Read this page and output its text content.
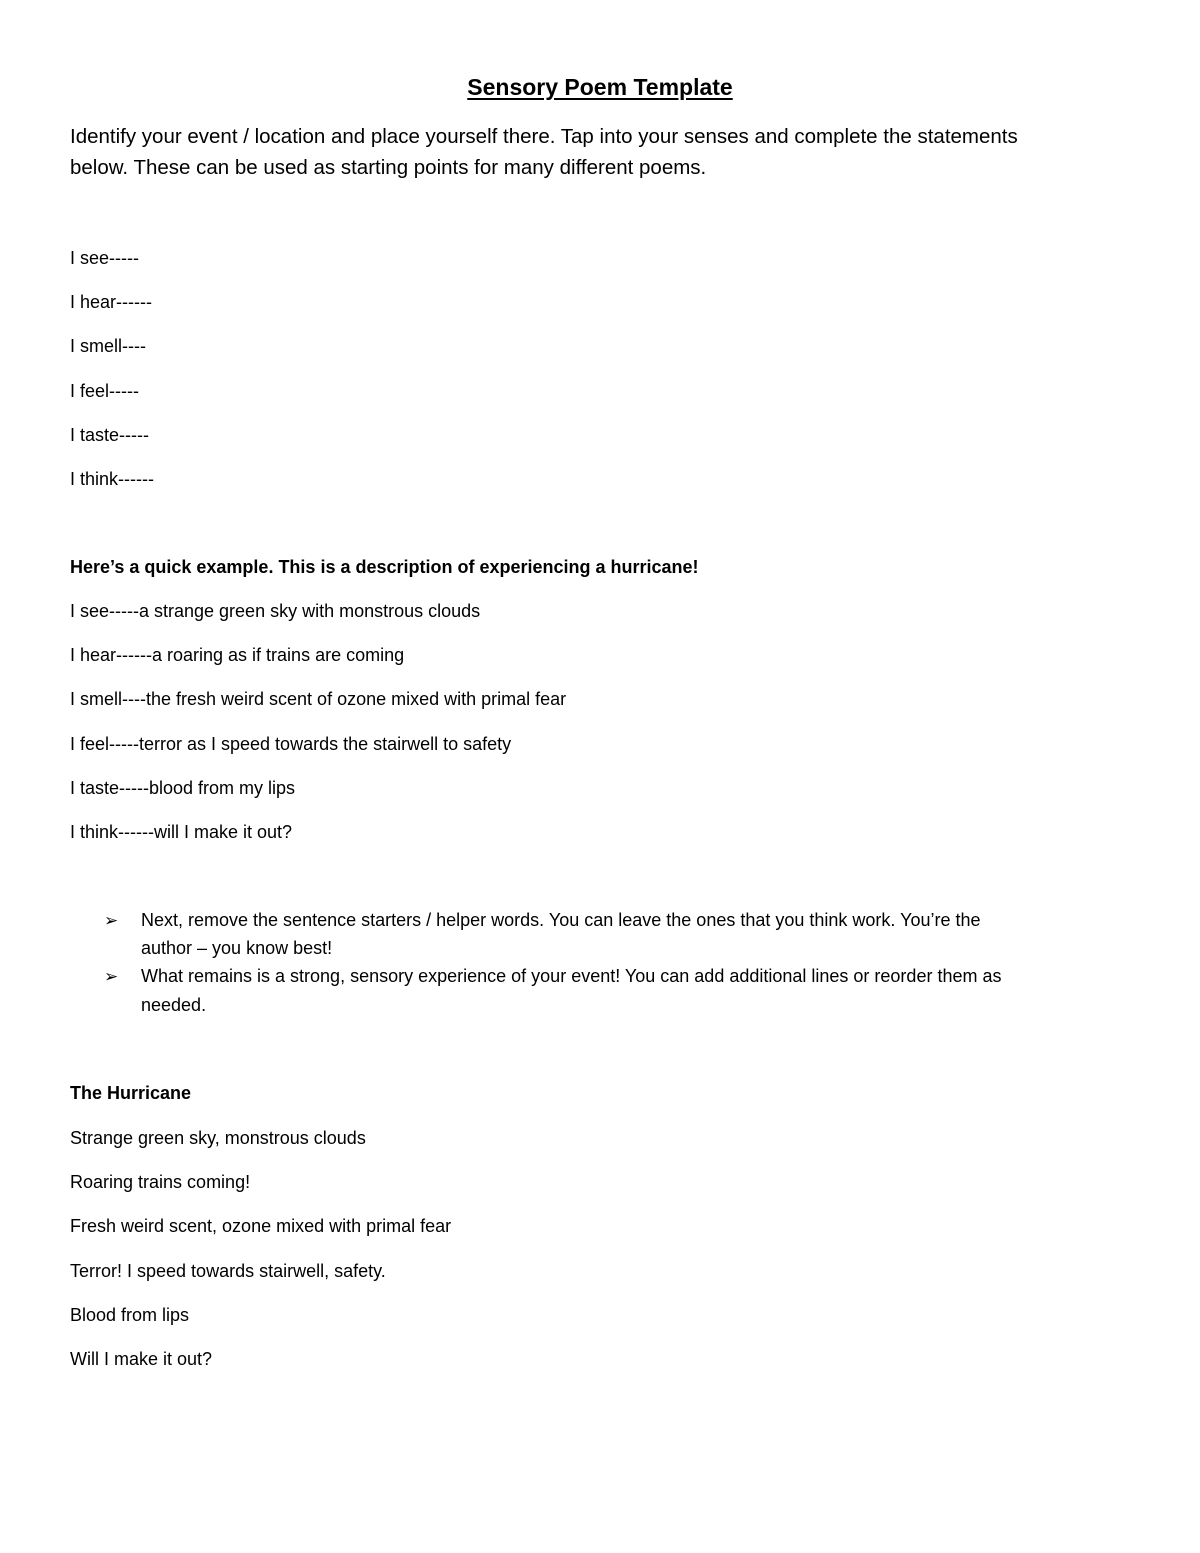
Sensory Poem Template
Identify your event / location and place yourself there. Tap into your senses and complete the statements
below. These can be used as starting points for many different poems.
I see-----
I hear------
I smell----
I feel-----
I taste-----
I think------
Here’s a quick example. This is a description of experiencing a hurricane!
I see-----a strange green sky with monstrous clouds
I hear------a roaring as if trains are coming
I smell----the fresh weird scent of ozone mixed with primal fear
I feel-----terror as I speed towards the stairwell to safety
I taste-----blood from my lips
I think------will I make it out?
➢ Next, remove the sentence starters / helper words. You can leave the ones that you think work. You’re the
author – you know best!
➢ What remains is a strong, sensory experience of your event! You can add additional lines or reorder them as
needed.
The Hurricane
Strange green sky, monstrous clouds
Roaring trains coming!
Fresh weird scent, ozone mixed with primal fear
Terror! I speed towards stairwell, safety.
Blood from lips
Will I make it out?
